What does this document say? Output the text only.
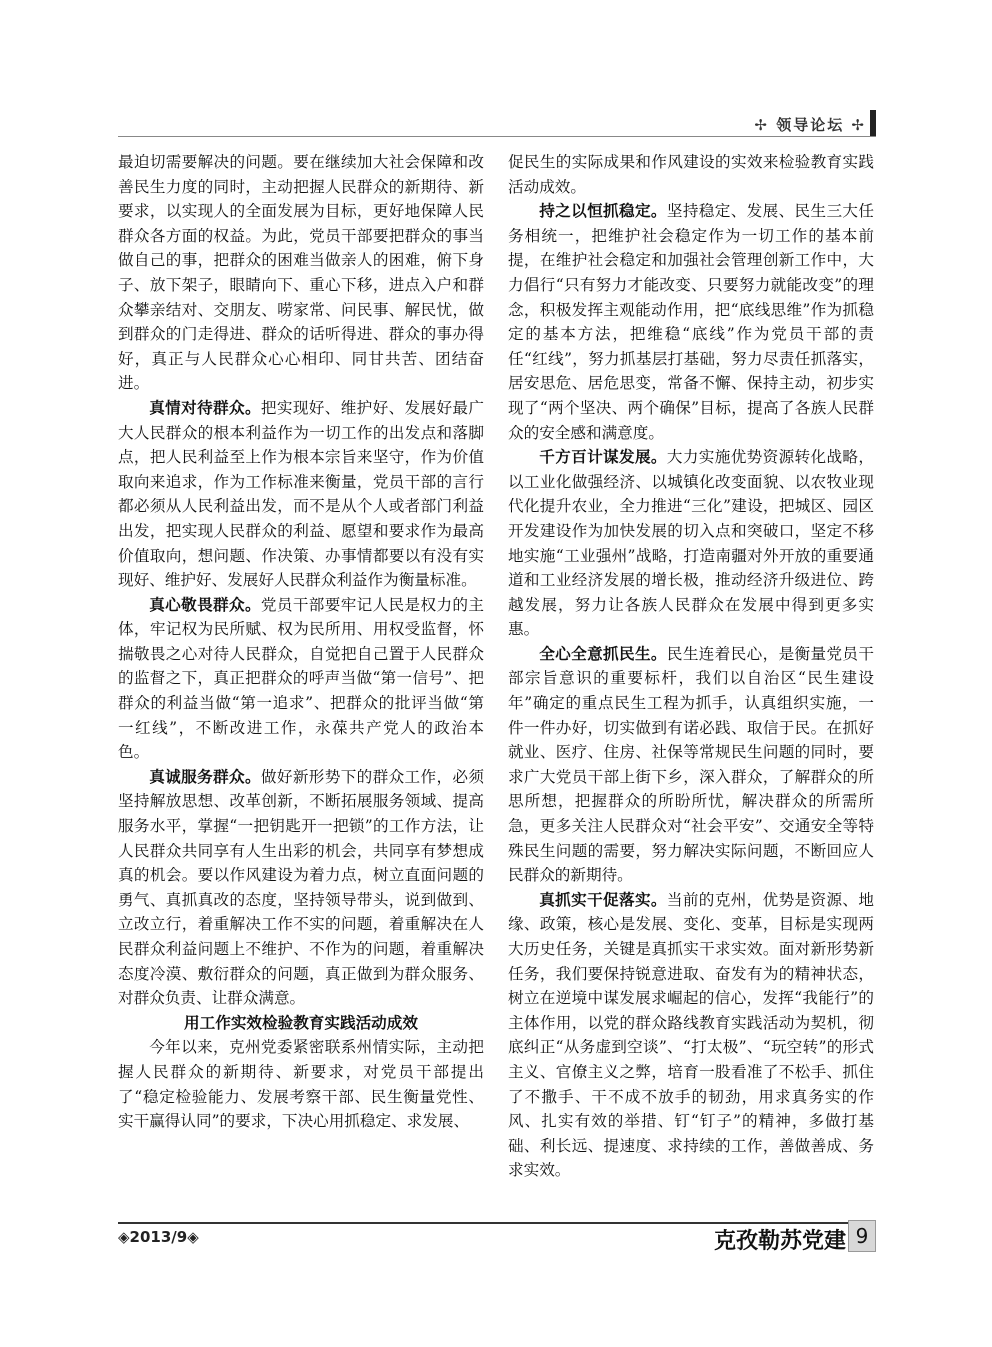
✢ 领导论坛 ✢

最迫切需要解决的问题。要在继续加大社会保障和改善民生力度的同时，主动把握人民群众的新期待、新要求，以实现人的全面发展为目标，更好地保障人民群众各方面的权益。为此，党员干部要把群众的事当做自己的事，把群众的困难当做亲人的困难，俯下身子、放下架子，眼睛向下、重心下移，进点入户和群众攀亲结对、交朋友、唠家常、问民事、解民忧，做到群众的门走得进、群众的话听得进、群众的事办得好，真正与人民群众心心相印、同甘共苦、团结奋进。

真情对待群众。把实现好、维护好、发展好最广大人民群众的根本利益作为一切工作的出发点和落脚点，把人民利益至上作为根本宗旨来坚守，作为价值取向来追求，作为工作标准来衡量，党员干部的言行都必须从人民利益出发，而不是从个人或者部门利益出发，把实现人民群众的利益、愿望和要求作为最高价值取向，想问题、作决策、办事情都要以有没有实现好、维护好、发展好人民群众利益作为衡量标准。

真心敬畏群众。党员干部要牢记人民是权力的主体，牢记权为民所赋、权为民所用、用权受监督，怀揣敬畏之心对待人民群众，自觉把自己置于人民群众的监督之下，真正把群众的呼声当做“第一信号”、把群众的利益当做“第一追求”、把群众的批评当做“第一红线”，不断改进工作，永葆共产党人的政治本色。

真诚服务群众。做好新形势下的群众工作，必须坚持解放思想、改革创新，不断拓展服务领域、提高服务水平，掌握“一把钥匙开一把锁”的工作方法，让人民群众共同享有人生出彩的机会，共同享有梦想成真的机会。要以作风建设为着力点，树立直面问题的勇气、真抓真改的态度，坚持领导带头，说到做到、立改立行，着重解决工作不实的问题，着重解决在人民群众利益问题上不维护、不作为的问题，着重解决态度冷漠、敷衍群众的问题，真正做到为群众服务、对群众负责、让群众满意。

用工作实效检验教育实践活动成效

今年以来，克州党委紧密联系州情实际，主动把握人民群众的新期待、新要求，对党员干部提出了“稳定检验能力、发展考察干部、民生衡量党性、实干赢得认同”的要求，下决心用抓稳定、求发展、

促民生的实际成果和作风建设的实效来检验教育实践活动成效。

持之以恒抓稳定。坚持稳定、发展、民生三大任务相统一，把维护社会稳定作为一切工作的基本前提，在维护社会稳定和加强社会管理创新工作中，大力倡行“只有努力才能改变、只要努力就能改变”的理念，积极发挥主观能动作用，把“底线思维”作为抓稳定的基本方法，把维稳“底线”作为党员干部的责任“红线”，努力抓基层打基础，努力尽责任抓落实，居安思危、居危思变，常备不懈、保持主动，初步实现了“两个坚决、两个确保”目标，提高了各族人民群众的安全感和满意度。

千方百计谋发展。大力实施优势资源转化战略，以工业化做强经济、以城镇化改变面貌、以农牧业现代化提升农业，全力推进“三化”建设，把城区、园区开发建设作为加快发展的切入点和突破口，坚定不移地实施“工业强州”战略，打造南疆对外开放的重要通道和工业经济发展的增长极，推动经济升级进位、跨越发展，努力让各族人民群众在发展中得到更多实惠。

全心全意抓民生。民生连着民心，是衡量党员干部宗旨意识的重要标杆，我们以自治区“民生建设年”确定的重点民生工程为抓手，认真组织实施，一件一件办好，切实做到有诺必践、取信于民。在抓好就业、医疗、住房、社保等常规民生问题的同时，要求广大党员干部上街下乡，深入群众，了解群众的所思所想，把握群众的所盼所忧，解决群众的所需所急，更多关注人民群众对“社会平安”、交通安全等特殊民生问题的需要，努力解决实际问题，不断回应人民群众的新期待。

真抓实干促落实。当前的克州，优势是资源、地缘、政策，核心是发展、变化、变革，目标是实现两大历史任务，关键是真抓实干求实效。面对新形势新任务，我们要保持锐意进取、奋发有为的精神状态，树立在逆境中谋发展求崛起的信心，发挥“我能行”的主体作用，以党的群众路线教育实践活动为契机，彻底纠正“从务虚到空谈”、“打太极”、“玩空转”的形式主义、官僚主义之弊，培育一股看准了不松手、抓住了不撒手、干不成不放手的韧劲，用求真务实的作风、扎实有效的举措、钉“钉子”的精神，多做打基础、利长远、提速度、求持续的工作，善做善成、务求实效。

◈2013/9◈	克孜勒苏党建 9
